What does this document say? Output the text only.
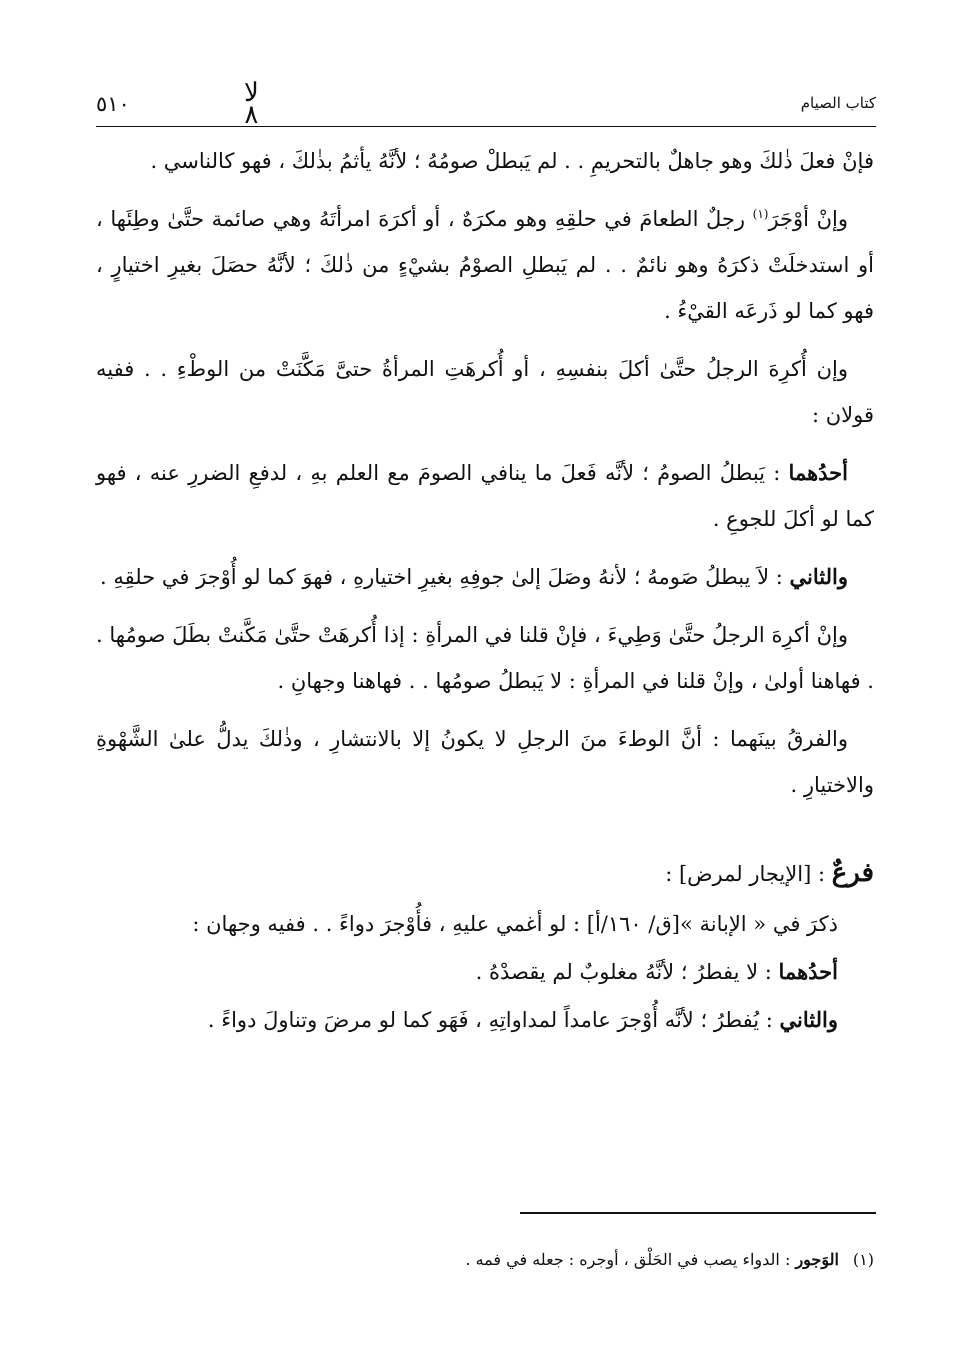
٥١٠	لا
٨	كتاب الصيام

فإنْ فعلَ ذٰلكَ وهو جاهلٌ بالتحريمِ . . لم يَبطلْ صومُهُ ؛ لأنَّهُ يأثمُ بذٰلكَ ، فهو كالناسي .

وإنْ أوْجَرَ$^{(١)}$ رجلٌ الطعامَ في حلقِهِ وهو مكرَهٌ ، أو أكرَهَ امرأتَهُ وهي صائمة حتَّىٰ وطِئَها ، أو استدخلَتْ ذكرَهُ وهو نائمٌ . . لم يَبطلِ الصوْمُ بشيْءٍ من ذٰلكَ ؛ لأنَّهُ حصَلَ بغيرِ اختيارٍ ، فهو كما لو ذَرعَه القيْءُ .

وإن أُكرِهَ الرجلُ حتَّىٰ أكلَ بنفسِهِ ، أو أُكرهَتِ المرأةُ حتىَّ مَكَّنَتْ من الوطْءِ . . ففيه قولان :

أحدُهما : يَبطلُ الصومُ ؛ لأنَّه فَعلَ ما ينافي الصومَ مع العلم بهِ ، لدفعِ الضررِ عنه ، فهو كما لو أكلَ للجوعِ .

والثاني : لاَ يبطلُ صَومهُ ؛ لأنهُ وصَلَ إلىٰ جوفِهِ بغيرِ اختيارهِ ، فهوَ كما لو أُوْجرَ في حلقِهِ .

وإنْ أكرِهَ الرجلُ حتَّىٰ وَطِيءَ ، فإنْ قلنا في المرأةِ : إذا أُكرهَتْ حتَّىٰ مَكَّنتْ بطَلَ صومُها . . فهاهنا أولىٰ ، وإنْ قلنا في المرأةِ : لا يَبطلُ صومُها . . فهاهنا وجهانِ .

والفرقُ بينَهما : أنَّ الوطءَ منَ الرجلِ لا يكونُ إلا بالانتشارِ ، وذٰلكَ يدلُّ علىٰ الشَّهْوةِ والاختيارِ .

فرعٌ : [الإيجار لمرض] :

ذكرَ في « الإبانة »[ق/ ١٦٠/أ] : لو أغمي عليهِ ، فأُوْجرَ دواءً . . ففيه وجهان :

أحدُهما : لا يفطرُ ؛ لأنَّهُ مغلوبٌ لم يقصدْهُ .

والثاني : يُفطرُ ؛ لأنَّه أُوْجرَ عامداً لمداواتِهِ ، فَهَو كما لو مرضَ وتناولَ دواءً .

(١)الوَجور : الدواء يصب في الحَلْق ، أوجره : جعله في فمه .
